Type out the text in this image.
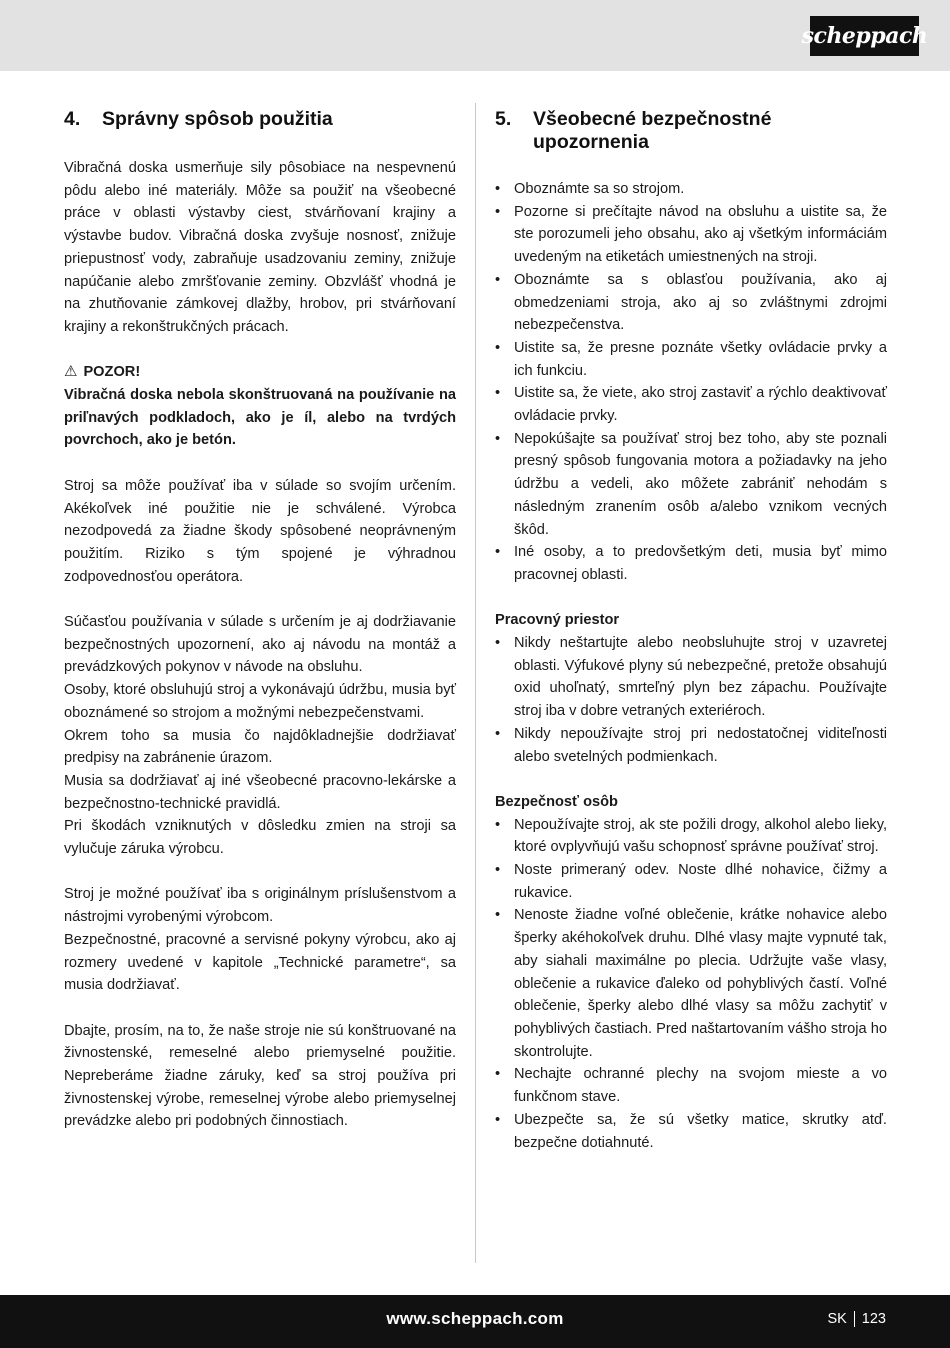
scheppach
4.	Správny spôsob použitia

Vibračná doska usmerňuje sily pôsobiace na nespevnenú pôdu alebo iné materiály. Môže sa použiť na všeobecné práce v oblasti výstavby ciest, stvárňovaní krajiny a výstavbe budov. Vibračná doska zvyšuje nosnosť, znižuje priepustnosť vody, zabraňuje usadzovaniu zeminy, znižuje napúčanie alebo zmršťovanie zeminy. Obzvlášť vhodná je na zhutňovanie zámkovej dlažby, hrobov, pri stvárňovaní krajiny a rekonštrukčných prácach.

⚠ POZOR!

Vibračná doska nebola skonštruovaná na používanie na priľnavých podkladoch, ako je íl, alebo na tvrdých povrchoch, ako je betón.

Stroj sa môže používať iba v súlade so svojím určením. Akékoľvek iné použitie nie je schválené. Výrobca nezodpovedá za žiadne škody spôsobené neoprávneným použitím. Riziko s tým spojené je výhradnou zodpovednosťou operátora.

Súčasťou používania v súlade s určením je aj dodržiavanie bezpečnostných upozornení, ako aj návodu na montáž a prevádzkových pokynov v návode na obsluhu.

Osoby, ktoré obsluhujú stroj a vykonávajú údržbu, musia byť oboznámené so strojom a možnými nebezpečenstvami.

Okrem toho sa musia čo najdôkladnejšie dodržiavať predpisy na zabránenie úrazom.

Musia sa dodržiavať aj iné všeobecné pracovno-lekárske a bezpečnostno-technické pravidlá.

Pri škodách vzniknutých v dôsledku zmien na stroji sa vylučuje záruka výrobcu.

Stroj je možné používať iba s originálnym príslušenstvom a nástrojmi vyrobenými výrobcom.

Bezpečnostné, pracovné a servisné pokyny výrobcu, ako aj rozmery uvedené v kapitole „Technické parametre“, sa musia dodržiavať.

Dbajte, prosím, na to, že naše stroje nie sú konštruované na živnostenské, remeselné alebo priemyselné použitie. Nepreberáme žiadne záruky, keď sa stroj používa pri živnostenskej výrobe, remeselnej výrobe alebo priemyselnej prevádzke alebo pri podobných činnostiach.

5.	Všeobecné bezpečnostné upozornenia
• Oboznámte sa so strojom.
• Pozorne si prečítajte návod na obsluhu a uistite sa, že ste porozumeli jeho obsahu, ako aj všetkým informáciám uvedeným na etiketách umiestnených na stroji.
• Oboznámte sa s oblasťou používania, ako aj obmedzeniami stroja, ako aj so zvláštnymi zdrojmi nebezpečenstva.
• Uistite sa, že presne poznáte všetky ovládacie prvky a ich funkciu.
• Uistite sa, že viete, ako stroj zastaviť a rýchlo deaktivovať ovládacie prvky.
• Nepokúšajte sa používať stroj bez toho, aby ste poznali presný spôsob fungovania motora a požiadavky na jeho údržbu a vedeli, ako môžete zabrániť nehodám s následným zranením osôb a/alebo vznikom vecných škôd.
• Iné osoby, a to predovšetkým deti, musia byť mimo pracovnej oblasti.

Pracovný priestor

• Nikdy neštartujte alebo neobsluhujte stroj v uzavretej oblasti. Výfukové plyny sú nebezpečné, pretože obsahujú oxid uhoľnatý, smrteľný plyn bez zápachu. Používajte stroj iba v dobre vetraných exteriéroch.
• Nikdy nepoužívajte stroj pri nedostatočnej viditeľnosti alebo svetelných podmienkach.

Bezpečnosť osôb

• Nepoužívajte stroj, ak ste požili drogy, alkohol alebo lieky, ktoré ovplyvňujú vašu schopnosť správne používať stroj.
• Noste primeraný odev. Noste dlhé nohavice, čižmy a rukavice.
• Nenoste žiadne voľné oblečenie, krátke nohavice alebo šperky akéhokoľvek druhu. Dlhé vlasy majte vypnuté tak, aby siahali maximálne po plecia. Udržujte vaše vlasy, oblečenie a rukavice ďaleko od pohyblivých častí. Voľné oblečenie, šperky alebo dlhé vlasy sa môžu zachytiť v pohyblivých častiach. Pred naštartovaním vášho stroja ho skontrolujte.
• Nechajte ochranné plechy na svojom mieste a vo funkčnom stave.
• Ubezpečte sa, že sú všetky matice, skrutky atď. bezpečne dotiahnuté.
www.scheppach.com	SK 123
